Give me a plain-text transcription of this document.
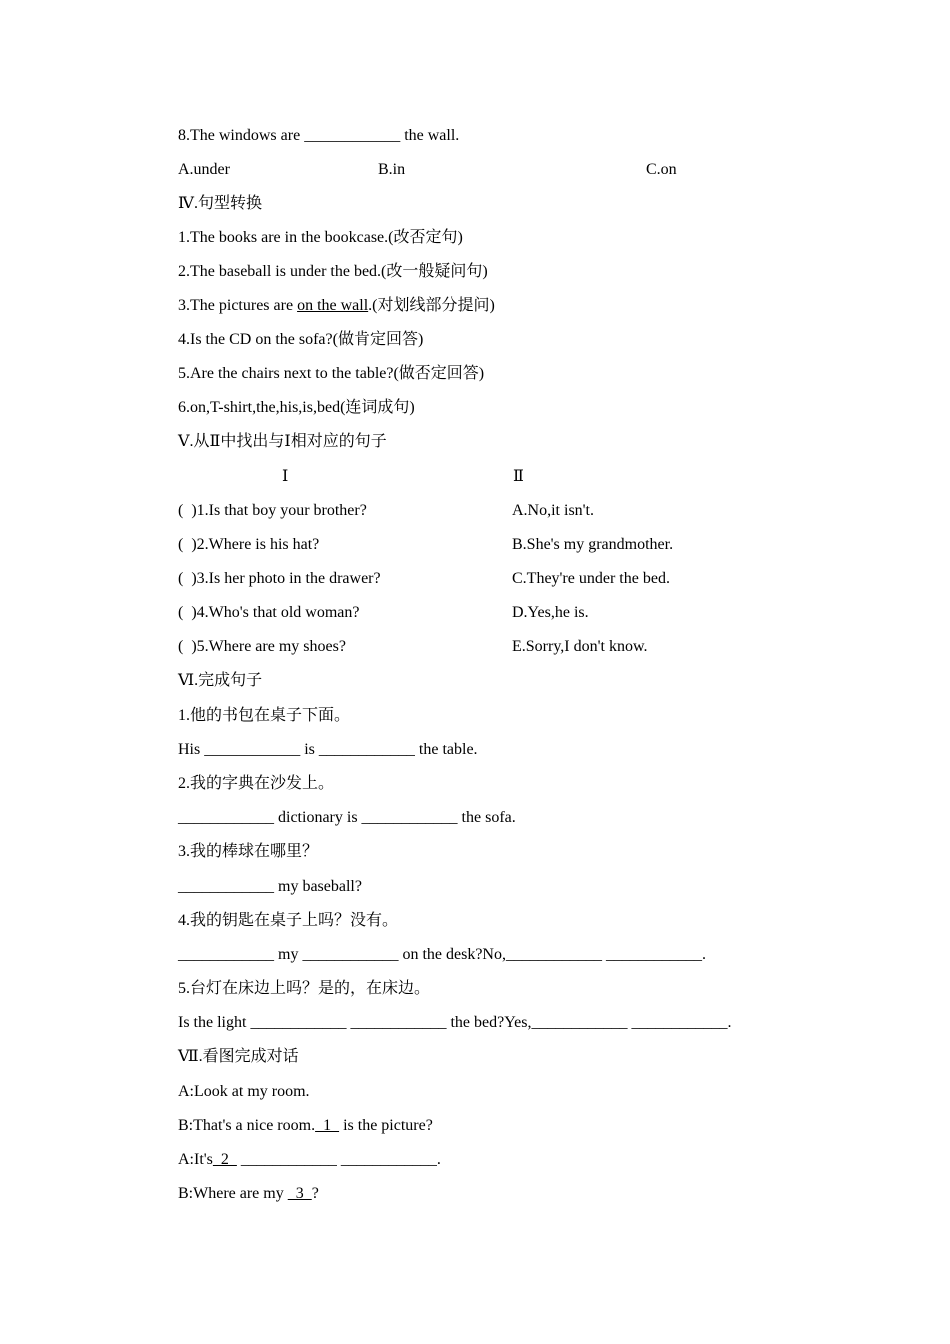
8.The windows are ____________ the wall.
A.under	B.in	C.on
Ⅳ.句型转换
1.The books are in the bookcase.(改否定句)
2.The baseball is under the bed.(改一般疑问句)
3.The pictures are on the wall.(对划线部分提问)
4.Is the CD on the sofa?(做肯定回答)
5.Are the chairs next to the table?(做否定回答)
6.on,T-shirt,the,his,is,bed(连词成句)
Ⅴ.从Ⅱ中找出与Ⅰ相对应的句子
Ⅰ	Ⅱ
(  )1.Is that boy your brother?	A.No,it isn't.
(  )2.Where is his hat?	B.She's my grandmother.
(  )3.Is her photo in the drawer?	C.They're under the bed.
(  )4.Who's that old woman?	D.Yes,he is.
(  )5.Where are my shoes?	E.Sorry,I don't know.
Ⅵ.完成句子
1.他的书包在桌子下面。
His ____________ is ____________ the table.
2.我的字典在沙发上。
____________ dictionary is ____________ the sofa.
3.我的棒球在哪里？
____________ my baseball?
4.我的钥匙在桌子上吗？没有。
____________ my ____________ on the desk?No,____________ ____________.
5.台灯在床边上吗？是的，在床边。
Is the light ____________ ____________ the bed?Yes,____________ ____________.
Ⅶ.看图完成对话
A:Look at my room.
B:That's a nice room.  1   is the picture?
A:It's  2   ____________ ____________.
B:Where are my   3  ?
